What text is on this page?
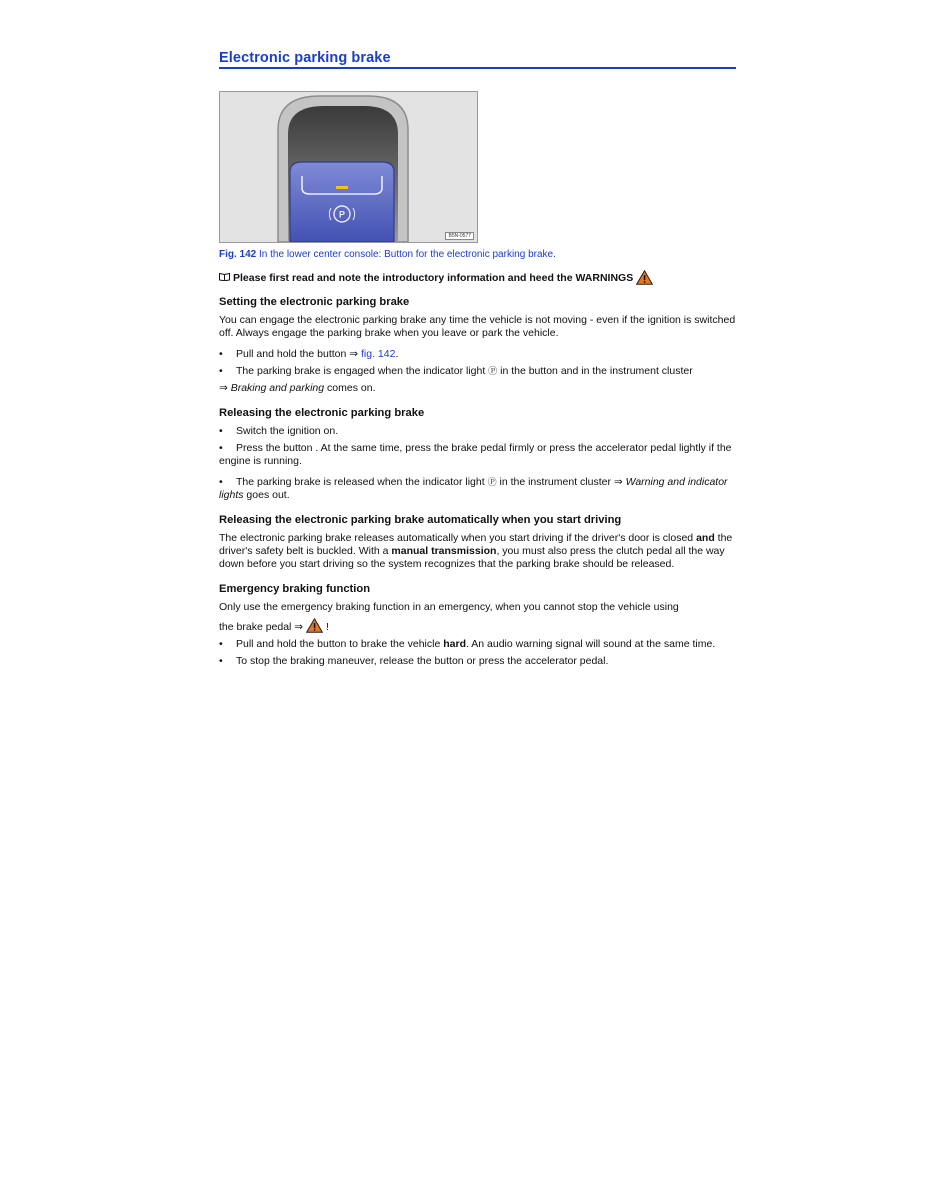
Electronic parking brake
P
B5N-0577
Fig. 142 In the lower center console: Button for the electronic parking brake.
Please first read and note the introductory information and heed the WARNINGS
Setting the electronic parking brake

You can engage the electronic parking brake any time the vehicle is not moving - even if the ignition is switched off. Always engage the parking brake when you leave or park the vehicle.

• Pull and hold the button ⇒ fig. 142.
• The parking brake is engaged when the indicator light Ⓟ in the button and in the instrument cluster
⇒ Braking and parking comes on.
Releasing the electronic parking brake
• Switch the ignition on.
• Press the button . At the same time, press the brake pedal firmly or press the accelerator pedal lightly if the engine is running.
• The parking brake is released when the indicator light Ⓟ in the instrument cluster ⇒ Warning and indicator lights goes out.
Releasing the electronic parking brake automatically when you start driving

The electronic parking brake releases automatically when you start driving if the driver's door is closed and the driver's safety belt is buckled. With a manual transmission, you must also press the clutch pedal all the way down before you start driving so the system recognizes that the parking brake should be released.

Emergency braking function

Only use the emergency braking function in an emergency, when you cannot stop the vehicle using

the brake pedal ⇒  !

• Pull and hold the button to brake the vehicle hard. An audio warning signal will sound at the same time.
• To stop the braking maneuver, release the button or press the accelerator pedal.
